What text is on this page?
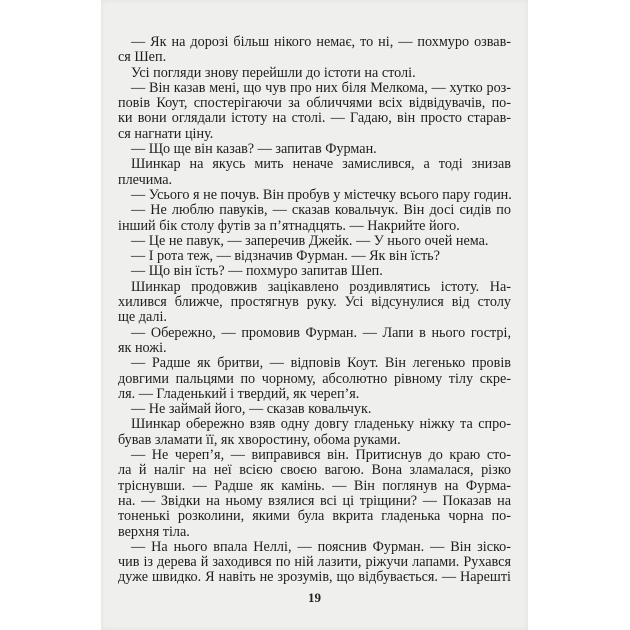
— Як на дорозі більш нікого немає, то ні, — похмуро озвав-
ся Шеп.
Усі погляди знову перейшли до істоти на столі.
— Він казав мені, що чув про них біля Мелкома, — хутко роз-
повів Коут, спостерігаючи за обличчями всіх відвідувачів, по-
ки вони оглядали істоту на столі. — Гадаю, він просто старав-
ся нагнати ціну.
— Що ще він казав? — запитав Фурман.
Шинкар на якусь мить неначе замислився, а тоді знизав
плечима.
— Усього я не почув. Він пробув у містечку всього пару годин.
— Не люблю павуків, — сказав ковальчук. Він досі сидів по
інший бік столу футів за п’ятнадцять. — Накрийте його.
— Це не павук, — заперечив Джейк. — У нього очей нема.
— І рота теж, — відзначив Фурман. — Як він їсть?
— Що він їсть? — похмуро запитав Шеп.
Шинкар продовжив зацікавлено роздивлятись істоту. На-
хилився ближче, простягнув руку. Усі відсунулися від столу
ще далі.
— Обережно, — промовив Фурман. — Лапи в нього гострі,
як ножі.
— Радше як бритви, — відповів Коут. Він легенько провів
довгими пальцями по чорному, абсолютно рівному тілу скре-
ля. — Гладенький і твердий, як череп’я.
— Не займай його, — сказав ковальчук.
Шинкар обережно взяв одну довгу гладеньку ніжку та спро-
бував зламати її, як хворостину, обома руками.
— Не череп’я, — виправився він. Притиснув до краю сто-
ла й наліг на неї всією своєю вагою. Вона зламалася, різко
тріснувши. — Радше як камінь. — Він поглянув на Фурма-
на. — Звідки на ньому взялися всі ці тріщини? — Показав на
тоненькі розколини, якими була вкрита гладенька чорна по-
верхня тіла.
— На нього впала Неллі, — пояснив Фурман. — Він зіско-
чив із дерева й заходився по ній лазити, ріжучи лапами. Рухався
дуже швидко. Я навіть не зрозумів, що відбувається. — Нарешті
19
